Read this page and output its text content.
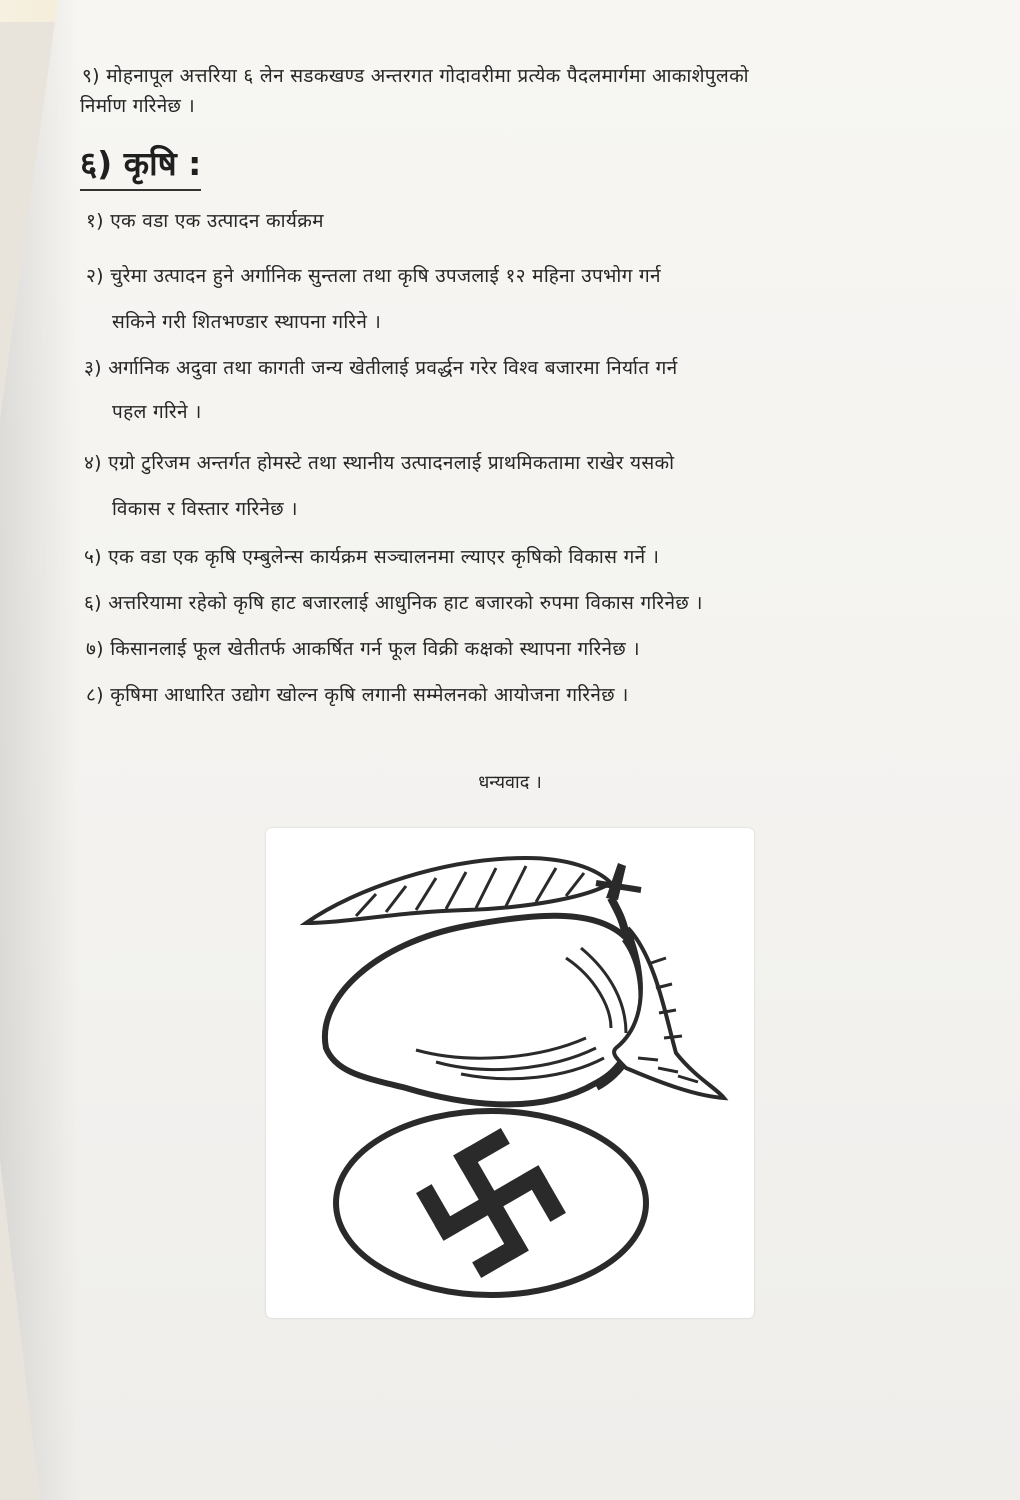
९) मोहनापूल अत्तरिया ६ लेन सडकखण्ड अन्तरगत गोदावरीमा प्रत्येक पैदलमार्गमा आकाशेपुलको
निर्माण गरिनेछ ।
६) कृषि :
१) एक वडा एक उत्पादन कार्यक्रम
२) चुरेमा उत्पादन हुने अर्गानिक सुन्तला तथा कृषि उपजलाई १२ महिना उपभोग गर्न
सकिने गरी शितभण्डार स्थापना गरिने ।
३) अर्गानिक अदुवा तथा कागती जन्य खेतीलाई प्रवर्द्धन गरेर विश्व बजारमा निर्यात गर्न
पहल गरिने ।
४) एग्रो टुरिजम अन्तर्गत होमस्टे तथा स्थानीय उत्पादनलाई प्राथमिकतामा राखेर यसको
विकास र विस्तार गरिनेछ ।
५) एक वडा एक कृषि एम्बुलेन्स कार्यक्रम सञ्चालनमा ल्याएर कृषिको विकास गर्ने ।
६) अत्तरियामा रहेको कृषि हाट बजारलाई आधुनिक हाट बजारको रुपमा विकास गरिनेछ ।
७) किसानलाई फूल खेतीतर्फ आकर्षित गर्न फूल विक्री कक्षको स्थापना गरिनेछ ।
८) कृषिमा आधारित उद्योग खोल्न कृषि लगानी सम्मेलनको आयोजना गरिनेछ ।
धन्यवाद ।
